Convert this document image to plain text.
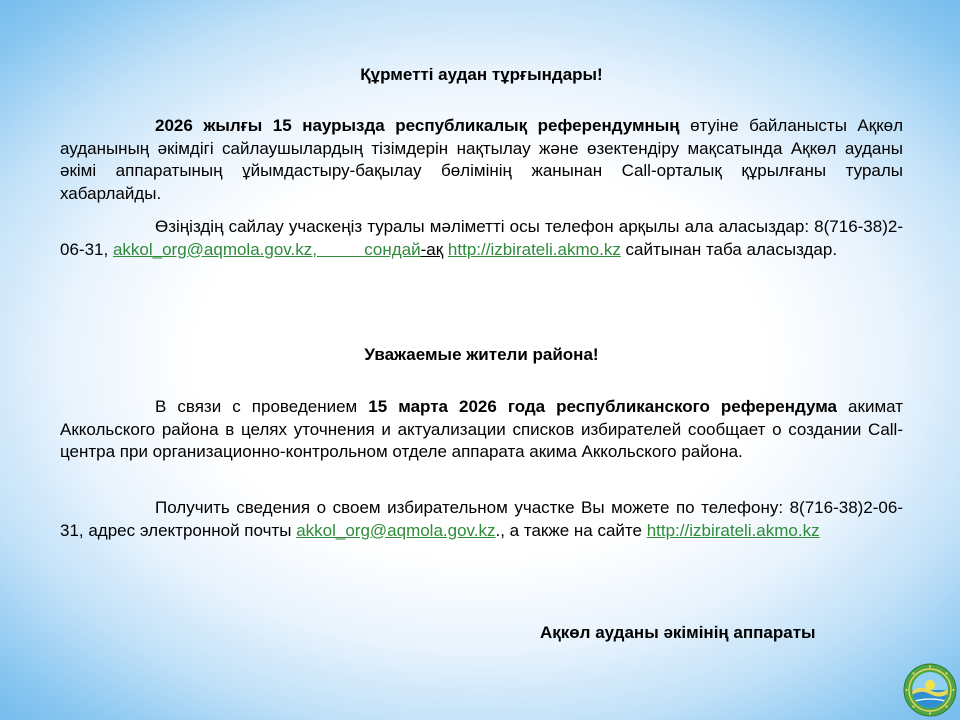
Құрметті аудан тұрғындары!

2026 жылғы 15 наурызда республикалық референдумның өтуіне байланысты Ақкөл ауданының әкімдігі сайлаушылардың тізімдерін нақтылау және өзектендіру мақсатында Ақкөл ауданы әкімі аппаратының ұйымдастыру-бақылау бөлімінің жанынан Call-орталық құрылғаны туралы хабарлайды.

Өзіңіздің сайлау учаскеңіз туралы мәліметті осы телефон арқылы ала аласыздар: 8(716-38)2-06-31, akkol_org@aqmola.gov.kz,	сондай-ақ http://izbirateli.akmo.kz сайтынан таба аласыздар.

Уважаемые жители района!

В связи с проведением 15 марта 2026 года республиканского референдума акимат Аккольского района в целях уточнения и актуализации списков избирателей сообщает о создании Call-центра при организационно-контрольном отделе аппарата акима Аккольского района.

Получить сведения о своем избирательном участке Вы можете по телефону: 8(716-38)2-06-31, адрес электронной почты akkol_org@aqmola.gov.kz., а также на сайте http://izbirateli.akmo.kz

Ақкөл ауданы әкімінің аппараты
